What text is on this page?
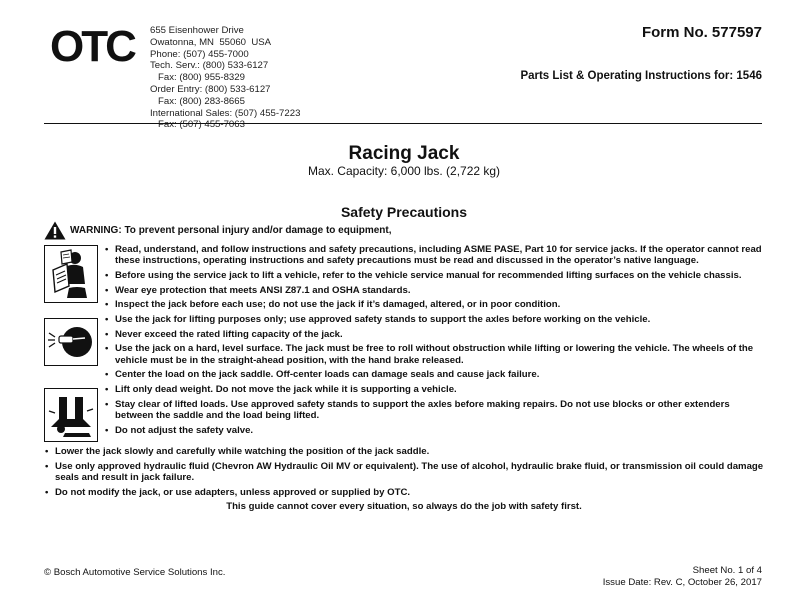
OTC 655 Eisenhower Drive
Owatonna, MN  55060  USA
Phone: (507) 455-7000
Tech. Serv.: (800) 533-6127
Fax: (800) 955-8329
Order Entry: (800) 533-6127
Fax: (800) 283-8665
International Sales: (507) 455-7223
Fax: (507) 455-7063
Form No. 577597
Parts List & Operating Instructions for: 1546
Racing Jack
Max. Capacity: 6,000 lbs. (2,722 kg)
Safety Precautions
WARNING: To prevent personal injury and/or damage to equipment,
• Read, understand, and follow instructions and safety precautions, including ASME PASE, Part 10 for service jacks. If the operator cannot read these instructions, operating instructions and safety precautions must be read and discussed in the operator’s native language.
• Before using the service jack to lift a vehicle, refer to the vehicle service manual for recommended lifting surfaces on the vehicle chassis.
• Wear eye protection that meets ANSI Z87.1 and OSHA standards.
• Inspect the jack before each use; do not use the jack if it’s damaged, altered, or in poor condition.
• Use the jack for lifting purposes only; use approved safety stands to support the axles before working on the vehicle.
• Never exceed the rated lifting capacity of the jack.
• Use the jack on a hard, level surface. The jack must be free to roll without obstruction while lifting or lowering the vehicle. The wheels of the vehicle must be in the straight-ahead position, with the hand brake released.
• Center the load on the jack saddle. Off-center loads can damage seals and cause jack failure.
• Lift only dead weight. Do not move the jack while it is supporting a vehicle.
• Stay clear of lifted loads. Use approved safety stands to support the axles before making repairs. Do not use blocks or other extenders between the saddle and the load being lifted.
• Do not adjust the safety valve.
• Lower the jack slowly and carefully while watching the position of the jack saddle.
• Use only approved hydraulic fluid (Chevron AW Hydraulic Oil MV or equivalent). The use of alcohol, hydraulic brake fluid, or transmission oil could damage seals and result in jack failure.
• Do not modify the jack, or use adapters, unless approved or supplied by OTC.
This guide cannot cover every situation, so always do the job with safety first.
© Bosch Automotive Service Solutions Inc.	Sheet No. 1 of 4
Issue Date: Rev. C, October 26, 2017
